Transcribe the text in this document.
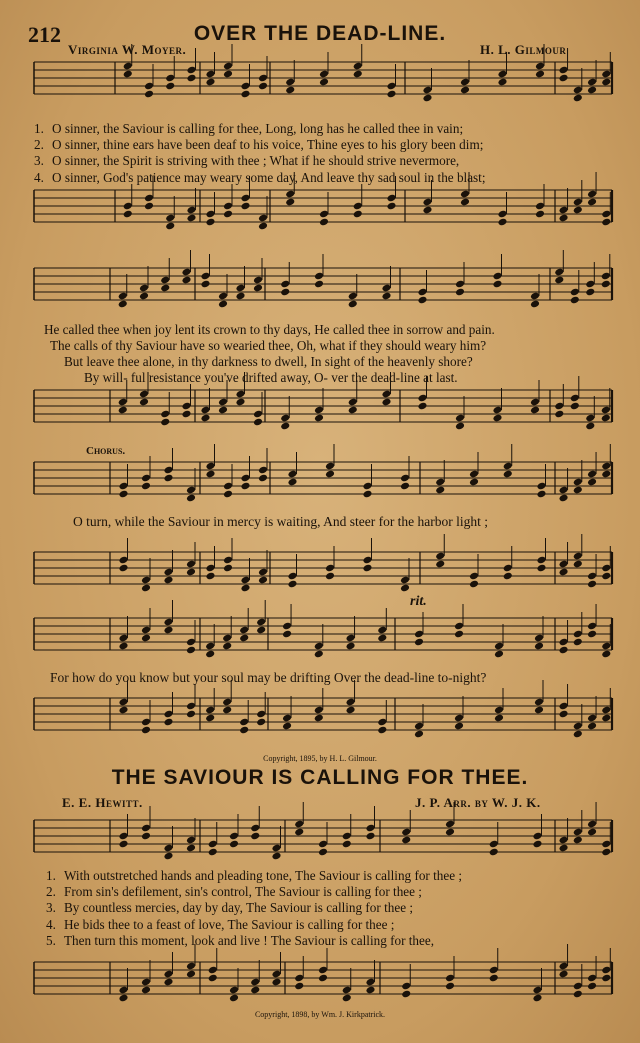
212	OVER THE DEAD-LINE.
Virginia W. Moyer.	H. L. Gilmour
1. O sinner, the Saviour is calling for thee, Long, long has he called thee in vain;
2. O sinner, thine ears have been deaf to his voice, Thine eyes to his glory been dim;
3. O sinner, the Spirit is striving with thee ; What if he should strive nevermore,
4. O sinner, God's patience may weary some day, And leave thy sad soul in the blast;
He called thee when joy lent its crown to thy days, He called thee in sorrow and pain.
The calls of thy Saviour have so wearied thee, Oh, what if they should weary him?
But leave thee alone, in thy darkness to dwell, In sight of the heavenly shore?
By will- ful resistance you've drifted away, O- ver the dead-line at last.
Chorus.
O turn, while the Saviour in mercy is waiting, And steer for the harbor light ;
rit.
For how do you know but your soul may be drifting Over the dead-line to-night?
Copyright, 1895, by H. L. Gilmour.
THE SAVIOUR IS CALLING FOR THEE.
E. E. Hewitt.	J. P. Arr. by W. J. K.
1. With outstretched hands and pleading tone, The Saviour is calling for thee ;
2. From sin's defilement, sin's control, The Saviour is calling for thee ;
3. By countless mercies, day by day, The Saviour is calling for thee ;
4. He bids thee to a feast of love, The Saviour is calling for thee ;
5. Then turn this moment, look and live ! The Saviour is calling for thee,
Copyright, 1898, by Wm. J. Kirkpatrick.
